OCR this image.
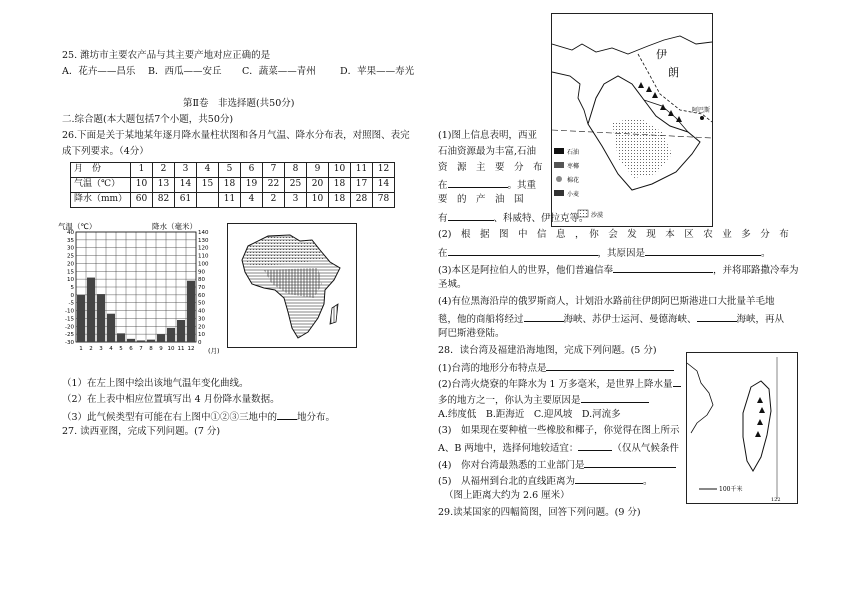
25. 潍坊市主要农产品与其主要产地对应正确的是
A．花卉——昌乐 B．西瓜——安丘 C．蔬菜——青州	D．苹果——寿光
第Ⅱ卷　非选择题(共50分)
二.综合题(本大题包括7个小题，共50分)
26.下面是关于某地某年逐月降水量柱状图和各月气温、降水分布表，对照图、表完
成下列要求。（4分）
月　份	1	2	3	4	5	6	7	8	9	10	11	12
气温（℃）	10	13	14	15	18	19	22	25	20	18	17	14
降水（mm）	60	82	61		11	4	2	3	10	18	28	78
40
35
30
25
20
15
10
5
0
-5
-10
-15
-20
-25
-30
140
130
120
110
100
90
80
70
60
50
40
30
20
10
0
1 2 3 4 5 6 7 8 9 10 11 12
气温（℃）	降水（毫米）
(月)
（1）在左上图中绘出该地气温年变化曲线。
（2）在上表中相应位置填写出 4 月份降水量数据。
（3）此气候类型有可能在右上图中①②③三地中的 地分布。
27. 读西亚图，完成下列问题。(7 分)
阿巴斯
伊
朗
石油
枣椰
棉花
小麦
沙漠
(1)图上信息表明，西亚
石油资源最为丰富,石油
资　源　主　要　分　布
在	。其重
要　的　产　油　国
有	、科威特、伊拉克等。
(2)　根　据　图　中　信　息　，　你　会　发　现　本　区　农　业　多　分　布
在	，其原因是	。
(3)本区是阿拉伯人的世界，他们普遍信奉	，并将耶路撒冷奉为
圣城。
(4)有位黑海沿岸的俄罗斯商人，计划沿水路前往伊朗阿巴斯港进口大批量羊毛地
毯，他的商船将经过	海峡、苏伊士运河、曼德海峡、	海峡，再从
阿巴斯港登陆。
28．读台湾及福建沿海地图，完成下列问题。(5 分)
(1)台湾的地形分布特点是
(2)台湾火烧寮的年降水为 1 万多毫米，是世界上降水量
多的地方之一，你认为主要原因是
A.纬度低　B.距海近　C.迎风坡　D.河流多
(3)　如果现在要种植一些橡胶和椰子，你觉得在图上所示
A、B 两地中，选择何地较适宜：	（仅从气候条件
(4)　你对台湾最熟悉的工业部门是
(5)　从福州到台北的直线距离为	。
（图上距离大约为 2.6 厘米）
29.读某国家的四幅简图，回答下列问题。(9 分)
100千米
122
